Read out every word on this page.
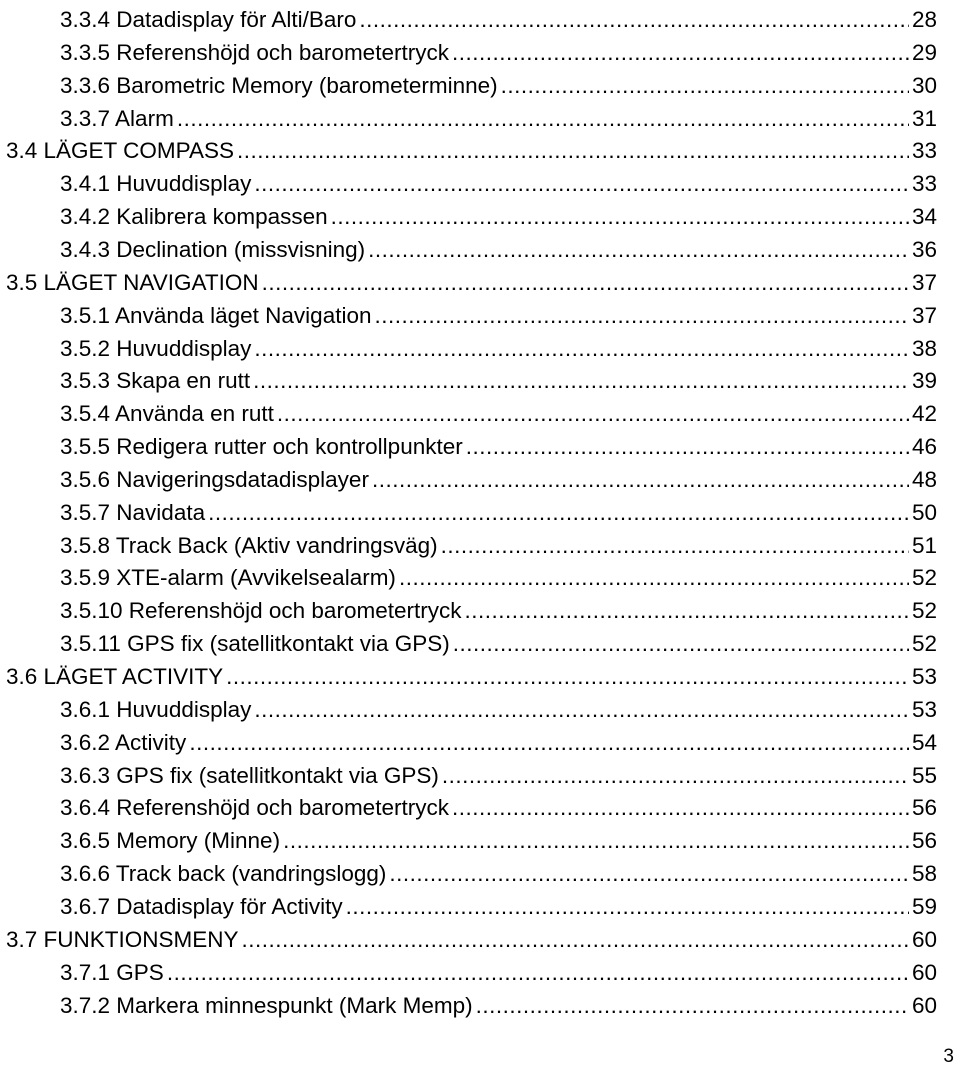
3.3.4 Datadisplay för Alti/Baro .....	28
3.3.5 Referenshöjd och barometertryck .....	29
3.3.6 Barometric Memory (barometerminne) .....	30
3.3.7 Alarm .....	31
3.4 LÄGET COMPASS .....	33
3.4.1 Huvuddisplay .....	33
3.4.2 Kalibrera kompassen .....	34
3.4.3 Declination (missvisning) .....	36
3.5 LÄGET NAVIGATION .....	37
3.5.1 Använda läget Navigation .....	37
3.5.2 Huvuddisplay .....	38
3.5.3 Skapa en rutt .....	39
3.5.4 Använda en rutt .....	42
3.5.5 Redigera rutter och kontrollpunkter .....	46
3.5.6 Navigeringsdatadisplayer .....	48
3.5.7 Navidata .....	50
3.5.8 Track Back (Aktiv vandringsväg) .....	51
3.5.9 XTE-alarm (Avvikelsealarm) .....	52
3.5.10 Referenshöjd och barometertryck .....	52
3.5.11 GPS fix (satellitkontakt via GPS) .....	52
3.6 LÄGET ACTIVITY .....	53
3.6.1 Huvuddisplay .....	53
3.6.2 Activity .....	54
3.6.3 GPS fix (satellitkontakt via GPS) .....	55
3.6.4 Referenshöjd och barometertryck .....	56
3.6.5 Memory (Minne) .....	56
3.6.6 Track back (vandringslogg) .....	58
3.6.7 Datadisplay för Activity .....	59
3.7 FUNKTIONSMENY .....	60
3.7.1 GPS .....	60
3.7.2 Markera minnespunkt (Mark Memp) .....	60
3
